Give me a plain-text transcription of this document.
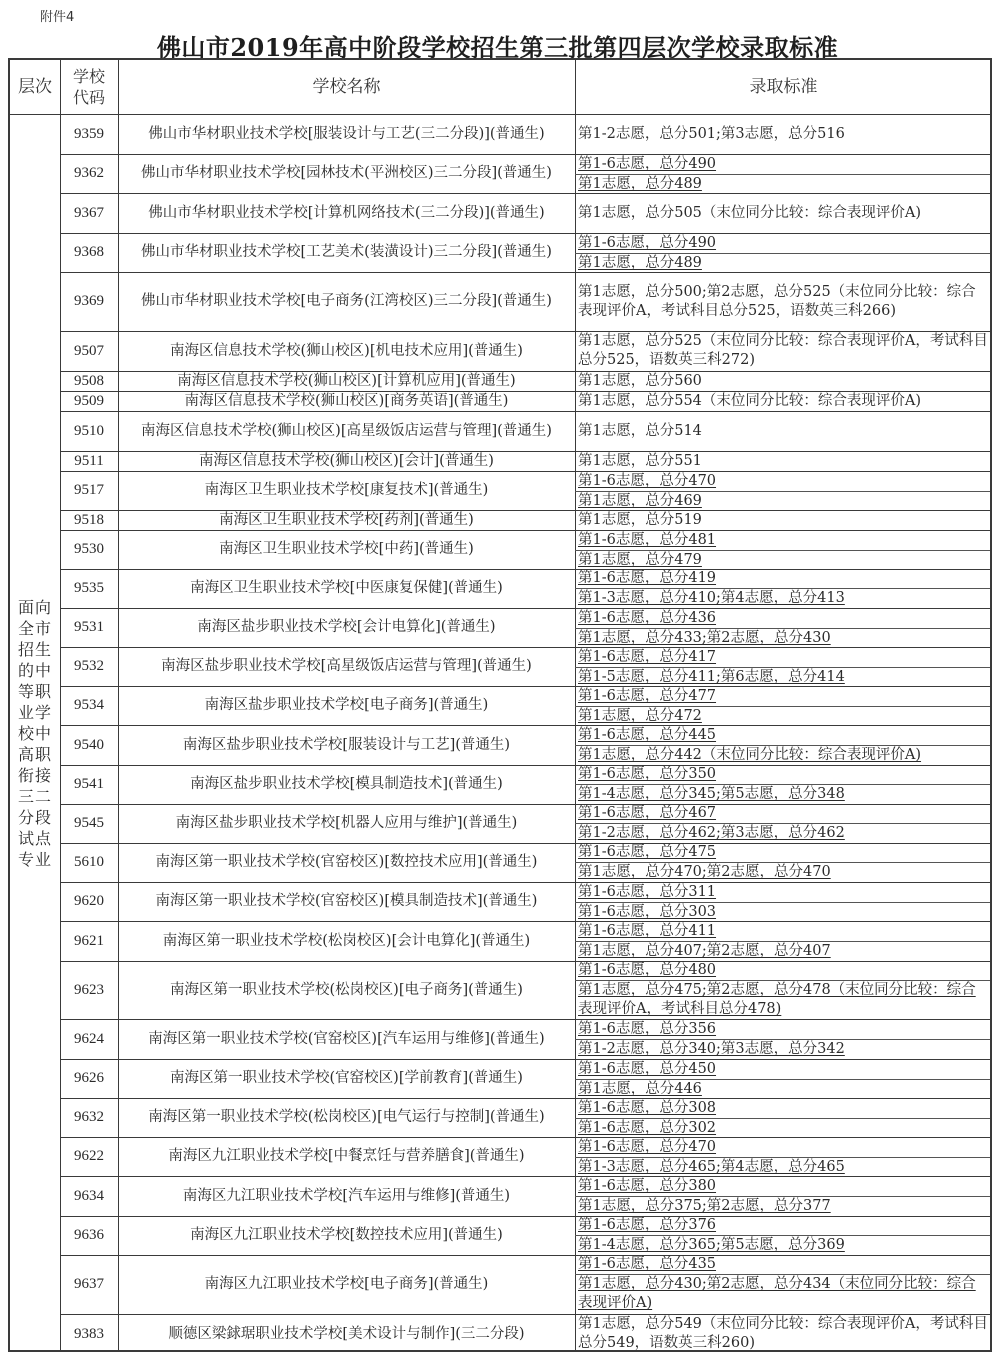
附件4
佛山市2019年高中阶段学校招生第三批第四层次学校录取标准
层次	学校代码
学校名称	录取标准
面向全市招生的中等职业学校中高职衔接三二分段试点专业
9359	佛山市华材职业技术学校[服装设计与工艺(三二分段)](普通生)	第1-2志愿，总分501;第3志愿，总分516
9362	佛山市华材职业技术学校[园林技术(平洲校区)三二分段](普通生)
第1-6志愿，总分490
第1志愿，总分489
9367	佛山市华材职业技术学校[计算机网络技术(三二分段)](普通生)	第1志愿，总分505（末位同分比较：综合表现评价A)
9368	佛山市华材职业技术学校[工艺美术(装潢设计)三二分段](普通生)
第1-6志愿，总分490
第1志愿，总分489
9369	佛山市华材职业技术学校[电子商务(江湾校区)三二分段](普通生)
第1志愿，总分500;第2志愿，总分525（末位同分比较：综合表现评价A，考试科目总分525，语数英三科266)
9507	南海区信息技术学校(狮山校区)[机电技术应用](普通生)
第1志愿，总分525（末位同分比较：综合表现评价A，考试科目总分525，语数英三科272)
9508	南海区信息技术学校(狮山校区)[计算机应用](普通生)	第1志愿，总分560
9509	南海区信息技术学校(狮山校区)[商务英语](普通生)	第1志愿，总分554（末位同分比较：综合表现评价A)
9510	南海区信息技术学校(狮山校区)[高星级饭店运营与管理](普通生)	第1志愿，总分514
9511	南海区信息技术学校(狮山校区)[会计](普通生)	第1志愿，总分551
9517	南海区卫生职业技术学校[康复技术](普通生)
第1-6志愿，总分470
第1志愿，总分469
9518	南海区卫生职业技术学校[药剂](普通生)	第1志愿，总分519
9530	南海区卫生职业技术学校[中药](普通生)
第1-6志愿，总分481
第1志愿，总分479
9535	南海区卫生职业技术学校[中医康复保健](普通生)
第1-6志愿，总分419
第1-3志愿，总分410;第4志愿，总分413
9531	南海区盐步职业技术学校[会计电算化](普通生)
第1-6志愿，总分436
第1志愿，总分433;第2志愿，总分430
9532	南海区盐步职业技术学校[高星级饭店运营与管理](普通生)
第1-6志愿，总分417
第1-5志愿，总分411;第6志愿，总分414
9534	南海区盐步职业技术学校[电子商务](普通生)
第1-6志愿，总分477
第1志愿，总分472
9540	南海区盐步职业技术学校[服装设计与工艺](普通生)
第1-6志愿，总分445
第1志愿，总分442（末位同分比较：综合表现评价A)
9541	南海区盐步职业技术学校[模具制造技术](普通生)
第1-6志愿，总分350
第1-4志愿，总分345;第5志愿，总分348
9545	南海区盐步职业技术学校[机器人应用与维护](普通生)
第1-6志愿，总分467
第1-2志愿，总分462;第3志愿，总分462
5610	南海区第一职业技术学校(官窑校区)[数控技术应用](普通生)
第1-6志愿，总分475
第1志愿，总分470;第2志愿，总分470
9620	南海区第一职业技术学校(官窑校区)[模具制造技术](普通生)
第1-6志愿，总分311
第1-6志愿，总分303
9621	南海区第一职业技术学校(松岗校区)[会计电算化](普通生)
第1-6志愿，总分411
第1志愿，总分407;第2志愿，总分407
9623	南海区第一职业技术学校(松岗校区)[电子商务](普通生)
第1-6志愿，总分480
第1志愿，总分475;第2志愿，总分478（末位同分比较：综合表现评价A，考试科目总分478)
9624	南海区第一职业技术学校(官窑校区)[汽车运用与维修](普通生)
第1-6志愿，总分356
第1-2志愿，总分340;第3志愿，总分342
9626	南海区第一职业技术学校(官窑校区)[学前教育](普通生)
第1-6志愿，总分450
第1志愿，总分446
9632	南海区第一职业技术学校(松岗校区)[电气运行与控制](普通生)
第1-6志愿，总分308
第1-6志愿，总分302
9622	南海区九江职业技术学校[中餐烹饪与营养膳食](普通生)
第1-6志愿，总分470
第1-3志愿，总分465;第4志愿，总分465
9634	南海区九江职业技术学校[汽车运用与维修](普通生)
第1-6志愿，总分380
第1志愿，总分375;第2志愿，总分377
9636	南海区九江职业技术学校[数控技术应用](普通生)
第1-6志愿，总分376
第1-4志愿，总分365;第5志愿，总分369
9637	南海区九江职业技术学校[电子商务](普通生)
第1-6志愿，总分435
第1志愿，总分430;第2志愿，总分434（末位同分比较：综合表现评价A)
9383	顺德区梁銶琚职业技术学校[美术设计与制作](三二分段)
第1志愿，总分549（末位同分比较：综合表现评价A，考试科目总分549，语数英三科260)
